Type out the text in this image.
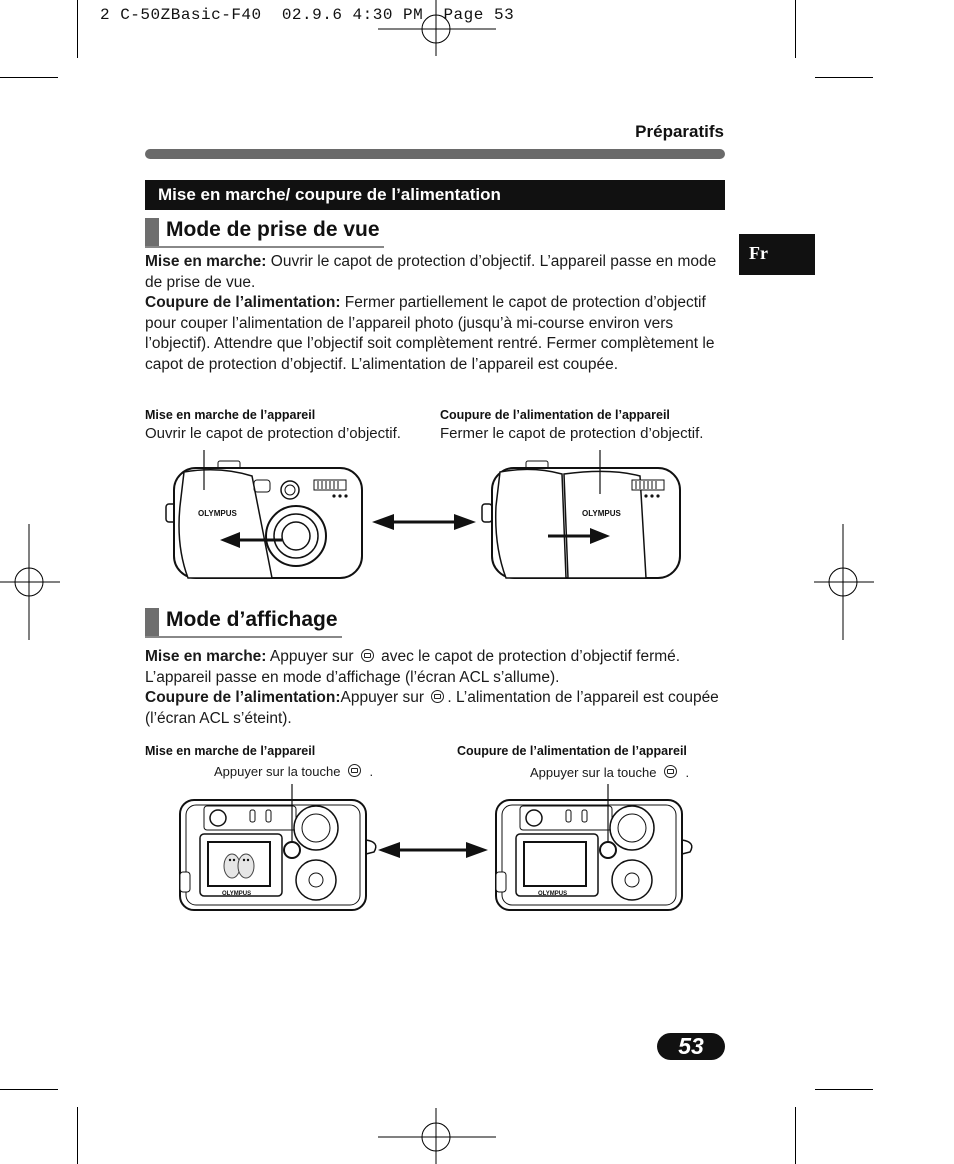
2 C-50ZBasic-F40  02.9.6 4:30 PM  Page 53
Préparatifs
Mise en marche/ coupure de l’alimentation
Fr
Mode de prise de vue
Mise en marche: Ouvrir le capot de protection d’objectif. L’appareil passe en mode de prise de vue.
Coupure de l’alimentation: Fermer partiellement le capot de protection d’objectif pour couper l’alimentation de l’appareil photo (jusqu’à mi-course environ vers l’objectif). Attendre que l’objectif soit complètement rentré. Fermer complètement le capot de protection d’objectif. L’alimentation de l’appareil est coupée.
Mise en marche de l’appareil
Ouvrir le capot de protection d’objectif.
Coupure de l’alimentation de l’appareil
Fermer le capot de protection d’objectif.
OLYMPUS	OLYMPUS
Mode d’affichage
Mise en marche: Appuyer sur  avec le capot de protection d’objectif fermé. L’appareil passe en mode d’affichage (l’écran ACL s’allume).
Coupure de l’alimentation:Appuyer sur . L’alimentation de l’appareil est coupée (l’écran ACL s’éteint).
Mise en marche de l’appareil
Appuyer sur la touche .
Coupure de l’alimentation de l’appareil
Appuyer sur la touche .
OLYMPUS	OLYMPUS
53
